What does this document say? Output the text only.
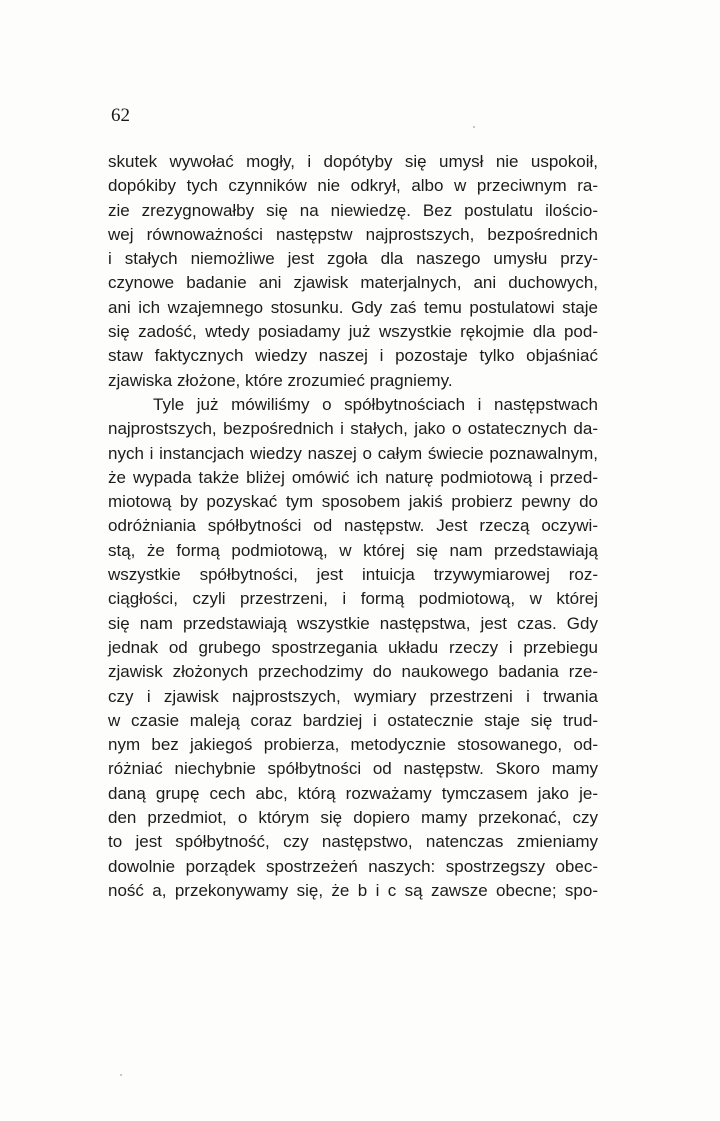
62
skutek wywołać mogły, i dopótyby się umysł nie uspokoił,
dopókiby tych czynników nie odkrył, albo w przeciwnym ra-
zie zrezygnowałby się na niewiedzę. Bez postulatu ilościo-
wej równoważności następstw najprostszych, bezpośrednich
i stałych niemożliwe jest zgoła dla naszego umysłu przy-
czynowe badanie ani zjawisk materjalnych, ani duchowych,
ani ich wzajemnego stosunku. Gdy zaś temu postulatowi staje
się zadość, wtedy posiadamy już wszystkie rękojmie dla pod-
staw faktycznych wiedzy naszej i pozostaje tylko objaśniać
zjawiska złożone, które zrozumieć pragniemy.
Tyle już mówiliśmy o spółbytnościach i następstwach
najprostszych, bezpośrednich i stałych, jako o ostatecznych da-
nych i instancjach wiedzy naszej o całym świecie poznawalnym,
że wypada także bliżej omówić ich naturę podmiotową i przed-
miotową by pozyskać tym sposobem jakiś probierz pewny do
odróżniania spółbytności od następstw. Jest rzeczą oczywi-
stą, że formą podmiotową, w której się nam przedstawiają
wszystkie spółbytności, jest intuicja trzywymiarowej roz-
ciągłości, czyli przestrzeni, i formą podmiotową, w której
się nam przedstawiają wszystkie następstwa, jest czas. Gdy
jednak od grubego spostrzegania układu rzeczy i przebiegu
zjawisk złożonych przechodzimy do naukowego badania rze-
czy i zjawisk najprostszych, wymiary przestrzeni i trwania
w czasie maleją coraz bardziej i ostatecznie staje się trud-
nym bez jakiegoś probierza, metodycznie stosowanego, od-
różniać niechybnie spółbytności od następstw. Skoro mamy
daną grupę cech abc, którą rozważamy tymczasem jako je-
den przedmiot, o którym się dopiero mamy przekonać, czy
to jest spółbytność, czy następstwo, natenczas zmieniamy
dowolnie porządek spostrzeżeń naszych: spostrzegszy obec-
ność a, przekonywamy się, że b i c są zawsze obecne; spo-
